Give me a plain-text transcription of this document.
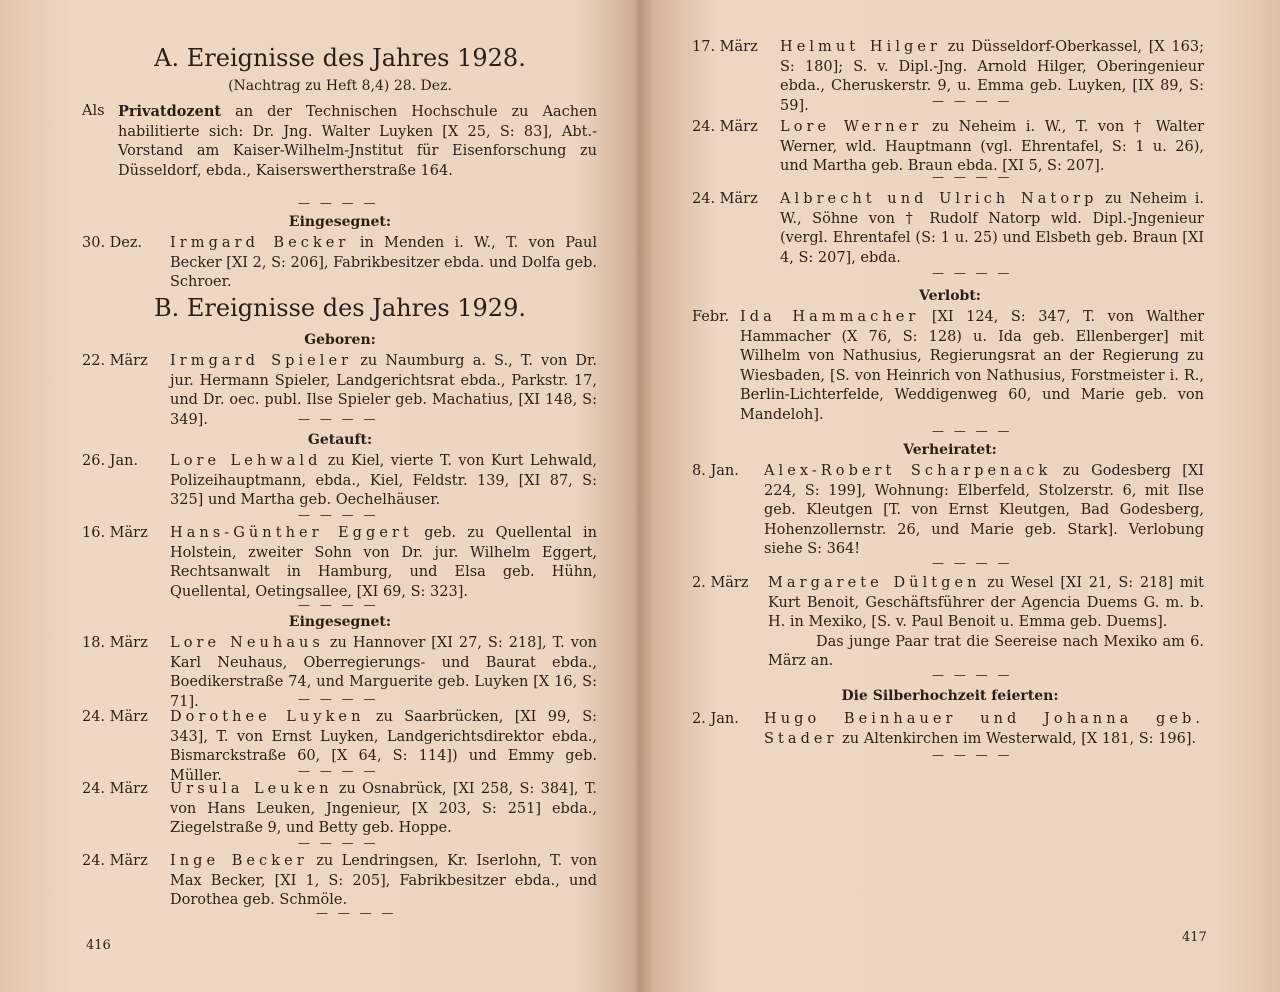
A. Ereignisse des Jahres 1928.
(Nachtrag zu Heft 8,4) 28. Dez.
Als Privatdozent an der Technischen Hochschule zu Aachen habilitierte sich: Dr. Jng. Walter Luyken [X 25, S: 83], Abt.-Vorstand am Kaiser-Wilhelm-Jnstitut für Eisenforschung zu Düsseldorf, ebda., Kaiserswertherstraße 164.

— — — —
Eingesegnet:
30. Dez. Irmgard Becker in Menden i. W., T. von Paul Becker [XI 2, S: 206], Fabrikbesitzer ebda. und Dolfa geb. Schroer.

B. Ereignisse des Jahres 1929.
Geboren:
22. März Irmgard Spieler zu Naumburg a. S., T. von Dr. jur. Hermann Spieler, Landgerichtsrat ebda., Parkstr. 17, und Dr. oec. publ. Ilse Spieler geb. Machatius, [XI 148, S: 349].	— — — —
Getauft:
26. Jan. Lore Lehwald zu Kiel, vierte T. von Kurt Lehwald, Polizeihauptmann, ebda., Kiel, Feldstr. 139, [XI 87, S: 325] und Martha geb. Oechelhäuser.

— — — —
16. März Hans-Günther Eggert geb. zu Quellental in Holstein, zweiter Sohn von Dr. jur. Wilhelm Eggert, Rechtsanwalt in Hamburg, und Elsa geb. Hühn, Quellental, Oetingsallee, [XI 69, S: 323].

— — — —
Eingesegnet:
18. März Lore Neuhaus zu Hannover [XI 27, S: 218], T. von Karl Neuhaus, Oberregierungs- und Baurat ebda., Boedikerstraße 74, und Marguerite geb. Luyken [X 16, S: 71].	— — — —
24. März Dorothee Luyken zu Saarbrücken, [XI 99, S: 343], T. von Ernst Luyken, Landgerichtsdirektor ebda., Bismarckstraße 60, [X 64, S: 114]) und Emmy geb. Müller.	— — — —
24. März Ursula Leuken zu Osnabrück, [XI 258, S: 384], T. von Hans Leuken, Jngenieur, [X 203, S: 251] ebda., Ziegelstraße 9, und Betty geb. Hoppe.

— — — —
24. März Inge Becker zu Lendringsen, Kr. Iserlohn, T. von Max Becker, [XI 1, S: 205], Fabrikbesitzer ebda., und Dorothea geb. Schmöle.

— — — —
416
17. März Helmut Hilger zu Düsseldorf-Oberkassel, [X 163; S: 180]; S. v. Dipl.-Jng. Arnold Hilger, Oberingenieur ebda., Cheruskerstr. 9, u. Emma geb. Luyken, [IX 89, S: 59].	— — — —
24. März Lore Werner zu Neheim i. W., T. von † Walter Werner, wld. Hauptmann (vgl. Ehrentafel, S: 1 u. 26), und Martha geb. Braun ebda. [XI 5, S: 207].

— — — —
24. März Albrecht und Ulrich Natorp zu Neheim i. W., Söhne von † Rudolf Natorp wld. Dipl.-Jngenieur (vergl. Ehrentafel (S: 1 u. 25) und Elsbeth geb. Braun [XI 4, S: 207], ebda.

— — — —
Verlobt:
Febr. Ida Hammacher [XI 124, S: 347, T. von Walther Hammacher (X 76, S: 128) u. Ida geb. Ellenberger] mit Wilhelm von Nathusius, Regierungsrat an der Regierung zu Wiesbaden, [S. von Heinrich von Nathusius, Forstmeister i. R., Berlin-Lichterfelde, Weddigenweg 60, und Marie geb. von Mandeloh].

— — — —
Verheiratet:
8. Jan. Alex-Robert Scharpenack zu Godesberg [XI 224, S: 199], Wohnung: Elberfeld, Stolzerstr. 6, mit Ilse geb. Kleutgen [T. von Ernst Kleutgen, Bad Godesberg, Hohenzollernstr. 26, und Marie geb. Stark]. Verlobung siehe S: 364!

— — — —
2. März Margarete Dültgen zu Wesel [XI 21, S: 218] mit Kurt Benoit, Geschäftsführer der Agencia Duems G. m. b. H. in Mexiko, [S. v. Paul Benoit u. Emma geb. Duems].

Das junge Paar trat die Seereise nach Mexiko am 6. März an.

— — — —
Die Silberhochzeit feierten:
2. Jan. Hugo Beinhauer und Johanna geb. Stader zu Altenkirchen im Westerwald, [X 181, S: 196].

— — — —
417
